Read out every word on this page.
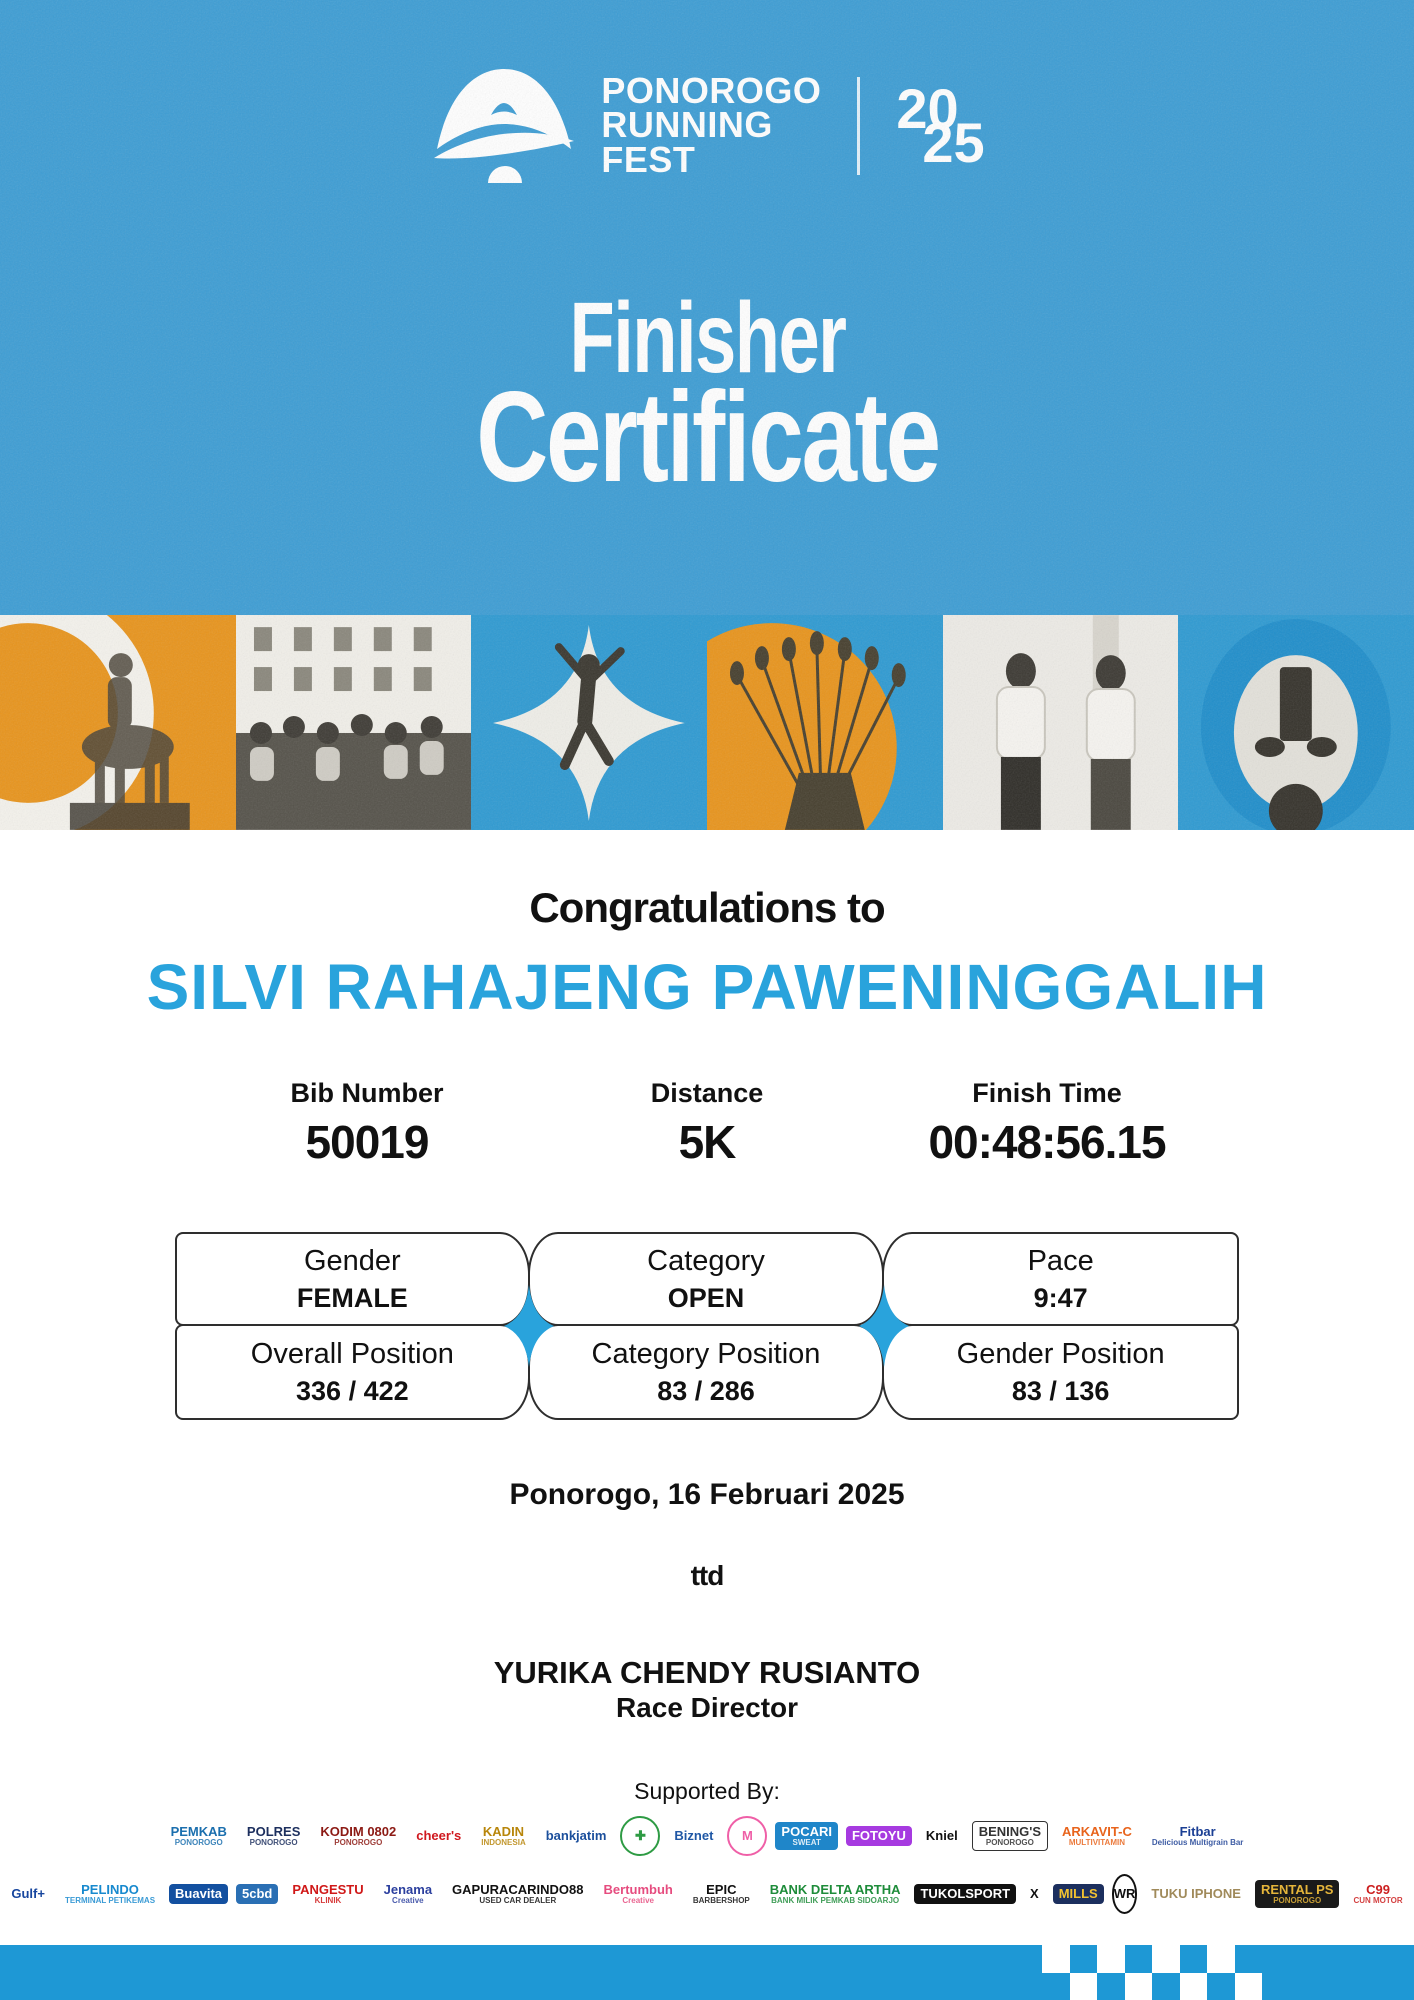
PONOROGO
RUNNING
FEST
20
25
Finisher
Certificate
Congratulations to
SILVI RAHAJENG PAWENINGGALIH
Bib Number
50019
Distance
5K
Finish Time
00:48:56.15
Gender
FEMALE
Category
OPEN
Pace
9:47
Overall Position
336 / 422
Category Position
83 / 286
Gender Position
83 / 136
Ponorogo, 16 Februari 2025
ttd
YURIKA CHENDY RUSIANTO
Race Director
Supported By:
PEMKAB
PONOROGO
POLRES
PONOROGO
KODIM 0802
PONOROGO	cheer's KADIN
INDONESIA bankjatim ✚ Biznet M POCARI
SWEAT FOTOYU Kniel BENING'S
PONOROGO
ARKAVIT-C
MULTIVITAMIN
Fitbar
Delicious Multigrain Bar
Gulf+	PELINDO
TERMINAL PETIKEMAS Buavita 5cbd PANGESTU
KLINIK
Jenama
Creative
GAPURACARINDO88
USED CAR DEALER
Bertumbuh
Creative
EPIC
BARBERSHOP
BANK DELTA ARTHA
BANK MILIK PEMKAB SIDOARJO TUKOLSPORT X MILLS WR TUKU IPHONE RENTAL PS
PONOROGO
C99
CUN MOTOR
